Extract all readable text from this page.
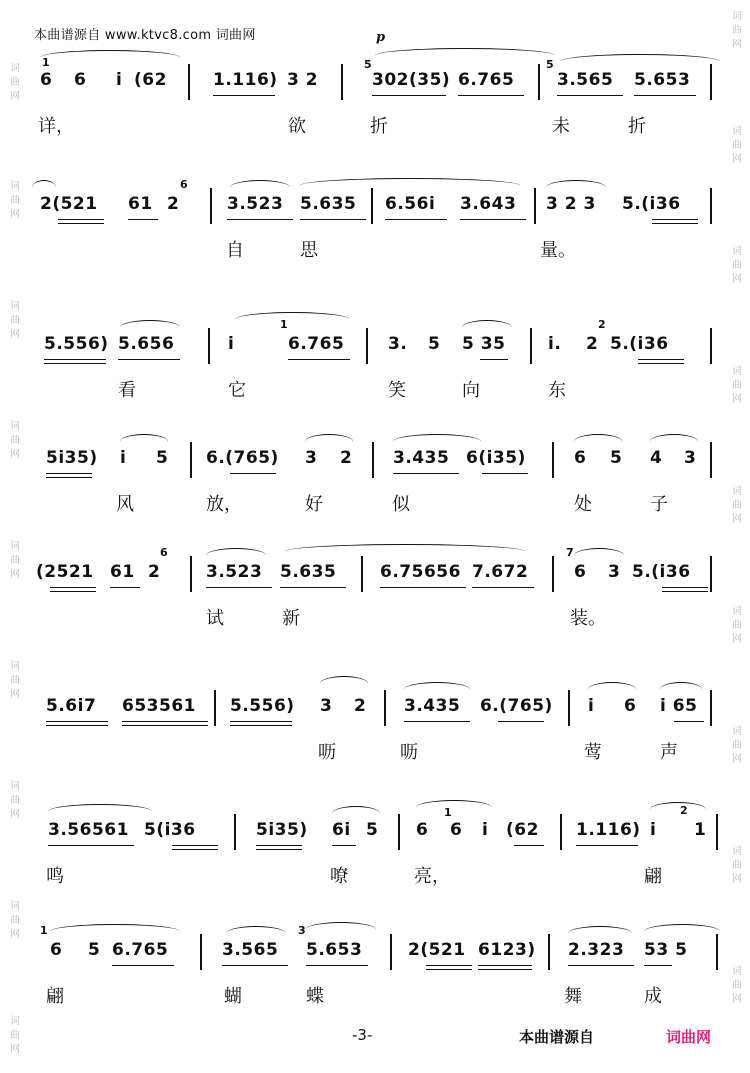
本曲谱源自 www.ktvc8.com 词曲网
词
曲
网
词
曲
网
词
曲
网
词
曲
网
词
曲
网
词
曲
网
词
曲
网
词
曲
网
词
曲
网
词
曲
网
词
曲
网
词
曲
网
词
曲
网
词
曲
网
词
曲
网
词
曲
网
词
曲
网
词
曲
网
p
1
6 6 i (62	1.116) 3 2
5
302(35) 6.765
5
3.565 5.653
详，	欲	折	未	折
2(521 61 2
6
3.523 5.635 6.56i 3.643 3 2 3 5.(i36
自	思	量。
5.556) 5.656	i
1
6.765	3. 5 5 35	i. 2
2
5.(i36
看	它	笑	向	东
5i35) i 5 6.(765) 3 2 3.435 6(i35)	6 5 4 3
风	放，	好	似	处	子
(2521 61 2
6
3.523 5.635	6.75656 7.672
7
6 3 5.(i36
试	新	装。
5.6i7 653561 5.556) 3 2 3.435 6.(765) i 6 i 65
呖	呖	莺	声
3.56561 5(i36	5i35) 6i 5 6
1
6 i (62 1.116) i
2
1
鸣	嘹	亮，	翩
1
6 5 6.765	3.565
3
5.653	2(521 6123) 2.323 53 5
翩	蝴	蝶	舞	成
-3-	本曲谱源自	词曲网
